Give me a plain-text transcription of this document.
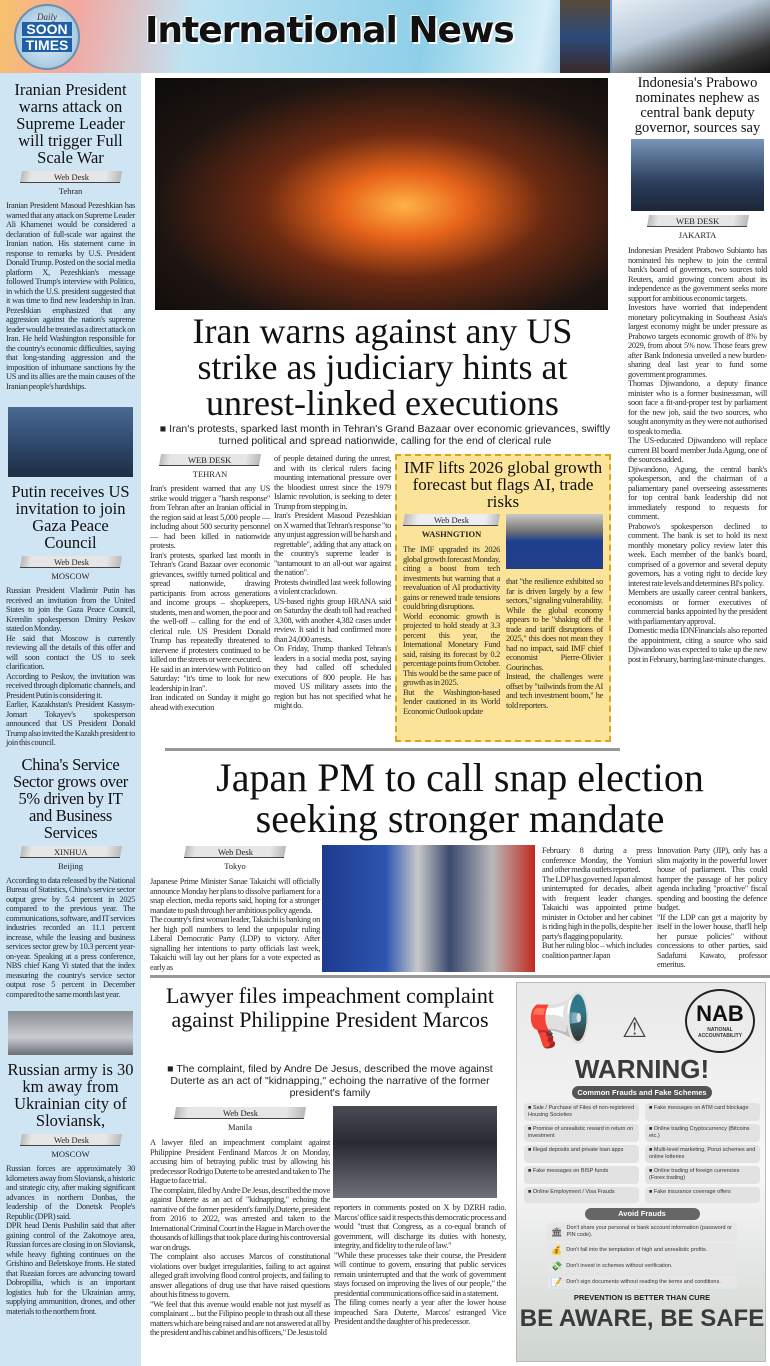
Daily
SOON
TIMES International News
Iranian President warns attack on Supreme Leader will trigger Full Scale War
Web Desk
Tehran

Iranian President Masoud Pezeshkian has warned that any attack on Supreme Leader Ali Khamenei would be considered a declaration of full-scale war against the Iranian nation. His statement came in response to remarks by U.S. President Donald Trump. Posted on the social media platform X, Pezeshkian's message followed Trump's interview with Politico, in which the U.S. president suggested that it was time to find new leadership in Iran. Pezeshkian emphasized that any aggression against the nation's supreme leader would be treated as a direct attack on Iran. He held Washington responsible for the country's economic difficulties, saying that long-standing aggression and the imposition of inhumane sanctions by the US and its allies are the main causes of the Iranian people's hardships.

Putin receives US invitation to join Gaza Peace Council
Web Desk
MOSCOW

Russian President Vladimir Putin has received an invitation from the United States to join the Gaza Peace Council, Kremlin spokesperson Dmitry Peskov stated on Monday.

He said that Moscow is currently reviewing all the details of this offer and will soon contact the US to seek clarification.

According to Peskov, the invitation was received through diplomatic channels, and President Putin is considering it.

Earlier, Kazakhstan's President Kassym-Jomart Tokayev's spokesperson announced that US President Donald Trump also invited the Kazakh president to join this council.

China's Service Sector grows over 5% driven by IT and Business Services
XINHUA
Beijing

According to data released by the National Bureau of Statistics, China's service sector output grew by 5.4 percent in 2025 compared to the previous year. The communications, software, and IT services industries recorded an 11.1 percent increase, while the leasing and business services sector grew by 10.3 percent year-on-year. Speaking at a press conference, NBS chief Kang Yi stated that the index measuring the country's service sector output rose 5 percent in December compared to the same month last year.

Russian army is 30 km away from Ukrainian city of Sloviansk,
Web Desk
MOSCOW

Russian forces are approximately 30 kilometers away from Sloviansk, a historic and strategic city, after making significant advances in northern Donbas, the leadership of the Donetsk People's Republic (DPR) said.

DPR head Denis Pushilin said that after gaining control of the Zakotnoye area, Russian forces are closing in on Sloviansk, while heavy fighting continues on the Grishino and Beletskoye fronts. He stated that Russian forces are advancing toward Dobropillia, which is an important logistics hub for the Ukrainian army, supplying ammunition, drones, and other materials to the northern front.

Iran warns against any US strike as judiciary hints at unrest-linked executions
■ Iran's protests, sparked last month in Tehran's Grand Bazaar over economic grievances, swiftly turned political and spread nationwide, calling for the end of clerical rule
WEB DESK
TEHRAN

Iran's president warned that any US strike would trigger a "harsh response" from Tehran after an Iranian official in the region said at least 5,000 people — including about 500 security personnel — had been killed in nationwide protests.

Iran's protests, sparked last month in Tehran's Grand Bazaar over economic grievances, swiftly turned political and spread nationwide, drawing participants from across generations and income groups – shopkeepers, students, men and women, the poor and the well-off – calling for the end of clerical rule. US President Donald Trump has repeatedly threatened to intervene if protesters continued to be killed on the streets or were executed.

He said in an interview with Politico on Saturday: "it's time to look for new leadership in Iran".

Iran indicated on Sunday it might go ahead with execution

of people detained during the unrest, and with its clerical rulers facing mounting international pressure over the bloodiest unrest since the 1979 Islamic revolution, is seeking to deter Trump from stepping in.

Iran's President Masoud Pezeshkian on X warned that Tehran's response "to any unjust aggression will be harsh and regrettable", adding that any attack on the country's supreme leader is "tantamount to an all-out war against the nation".

Protests dwindled last week following a violent crackdown.

US-based rights group HRANA said on Saturday the death toll had reached 3,308, with another 4,382 cases under review. It said it had confirmed more than 24,000 arrests.

On Friday, Trump thanked Tehran's leaders in a social media post, saying they had called off scheduled executions of 800 people. He has moved US military assets into the region but has not specified what he might do.

IMF lifts 2026 global growth forecast but flags AI, trade risks
Web Desk
WASHNGTION

The IMF upgraded its 2026 global growth forecast Monday, citing a boost from tech investments but warning that a reevaluation of AI productivity gains or renewed trade tensions could bring disruptions.

World economic growth is projected to hold steady at 3.3 percent this year, the International Monetary Fund said, raising its forecast by 0.2 percentage points from October. This would be the same pace of growth as in 2025.

But the Washington-based lender cautioned in its World Economic Outlook update

that "the resilience exhibited so far is driven largely by a few sectors," signaling vulnerability.

While the global economy appears to be "shaking off the trade and tariff disruptions of 2025," this does not mean they had no impact, said IMF chief economist Pierre-Olivier Gourinchas.

Instead, the challenges were offset by "tailwinds from the AI and tech investment boom," he told reporters.

Indonesia's Prabowo nominates nephew as central bank deputy governor, sources say
WEB DESK
JAKARTA

Indonesian President Prabowo Subianto has nominated his nephew to join the central bank's board of governors, two sources told Reuters, amid growing concern about its independence as the government seeks more support for ambitious economic targets.

Investors have worried that independent monetary policymaking in Southeast Asia's largest economy might be under pressure as Prabowo targets economic growth of 8% by 2029, from about 5% now. Those fears grew after Bank Indonesia unveiled a new burden-sharing deal last year to fund some government programmes.

Thomas Djiwandono, a deputy finance minister who is a former businessman, will soon face a fit-and-proper test by parliament for the new job, said the two sources, who sought anonymity as they were not authorised to speak to media.

The US-educated Djiwandono will replace current BI board member Juda Agung, one of the sources added.

Djiwandono, Agung, the central bank's spokesperson, and the chairman of a paliamentary panel overseeing assessments for top central bank leadership did not immediately respond to requests for comment.

Prabowo's spokesperson declined to comment. The bank is set to hold its next monthly monetary policy review later this week. Each member of the bank's board, comprised of a governor and several deputy governors, has a voting right to decide key interest rate levels and determines BI's policy.

Members are usually career central bankers, economists or former executives of commercial banks appointed by the president with parliamentary approval.

Domestic media IDNFinancials also reported the appointment, citing a source who said Djiwandono was expected to take up the new post in February, barring last-minute changes.

Japan PM to call snap election seeking stronger mandate
Web Desk
Tokyo

Japanese Prime Minister Sanae Takaichi will officially announce Monday her plans to dissolve parliament for a snap election, media reports said, hoping for a stronger mandate to push through her ambitious policy agenda.

The country's first woman leader, Takaichi is banking on her high poll numbers to lend the unpopular ruling Liberal Democratic Party (LDP) to victory. After signalling her intentions to party officials last week, Takaichi will lay out her plans for a vote expected as early as

February 8 during a press conference Monday, the Yomiuri and other media outlets reported.

The LDP has governed Japan almost uninterrupted for decades, albeit with frequent leader changes. Takaichi was appointed prime minister in October and her cabinet is riding high in the polls, despite her party's flagging popularity.

But her ruling bloc – which includes coalition partner Japan

Innovation Party (JIP), only has a slim majority in the powerful lower house of parliament. This could hamper the passage of her policy agenda including "proactive" fiscal spending and boosting the defence budget.

"If the LDP can get a majority by itself in the lower house, that'll help her pursue policies" without concessions to other parties, said Sadafumi Kawato, professor emeritus.

Lawyer files impeachment complaint against Philippine President Marcos
■ The complaint, filed by Andre De Jesus, described the move against Duterte as an act of "kidnapping," echoing the narrative of the former president's family
Web Desk
Manila

A lawyer filed an impeachment complaint against Philippine President Ferdinand Marcos Jr on Monday, accusing him of betraying public trust by allowing his predecessor Rodrigo Duterte to be arrested and taken to The Hague to face trial.

The complaint, filed by Andre De Jesus, described the move against Duterte as an act of "kidnapping," echoing the narrative of the former president's family.Duterte, president from 2016 to 2022, was arrested and taken to the International Criminal Court in the Hague in March over the thousands of killings that took place during his controversial war on drugs.

The complaint also accuses Marcos of constitutional violations over budget irregularities, failing to act against alleged graft involving flood control projects, and failing to answer allegations of drug use that have raised questions about his fitness to govern.

"We feel that this avenue would enable not just myself as complainant ... but the Filipino people to thrash out all these matters which are being raised and are not answered at all by the president and his cabinet and his officers," De Jesus told

reporters in comments posted on X by DZRH radio. Marcos' office said it respects this democratic process and would "trust that Congress, as a co-equal branch of government, will discharge its duties with honesty, integrity, and fidelity to the rule of law."

"While these processes take their course, the President will continue to govern, ensuring that public services remain uninterrupted and that the work of government stays focused on improving the lives of our people," the presidential communications office said in a statement.

The filing comes nearly a year after the lower house impeached Sara Duterte, Marcos' estranged Vice President and the daughter of his predecessor.

📢 ⚠	NAB
NATIONAL ACCOUNTABILITY
WARNING!
Common Frauds and Fake Schemes
■ Sale / Purchase of Files of non-registered Housing Societies
■ Fake messages on ATM card blockage
■ Promise of unrealistic reward in return on investment
■ Online trading Cryptocurrency (Bitcoins etc.)
■ Illegal deposits and private loan apps	■ Multi-level marketing, Ponzi schemes and online lotteries
■ Fake messages on BISP funds	■ Online trading of foreign currencies (Forex trading)
■ Online Employment / Visa Frauds	■ Fake insurance coverage offers
Avoid Frauds
🏛 Don't share your personal or bank account information (password or PIN code).
💰 Don't fall into the temptation of high and unrealistic profits.
💸 Don't invest in schemes without verification.
📝 Don't sign documents without reading the terms and conditions.
PREVENTION IS BETTER THAN CURE
BE AWARE, BE SAFE
